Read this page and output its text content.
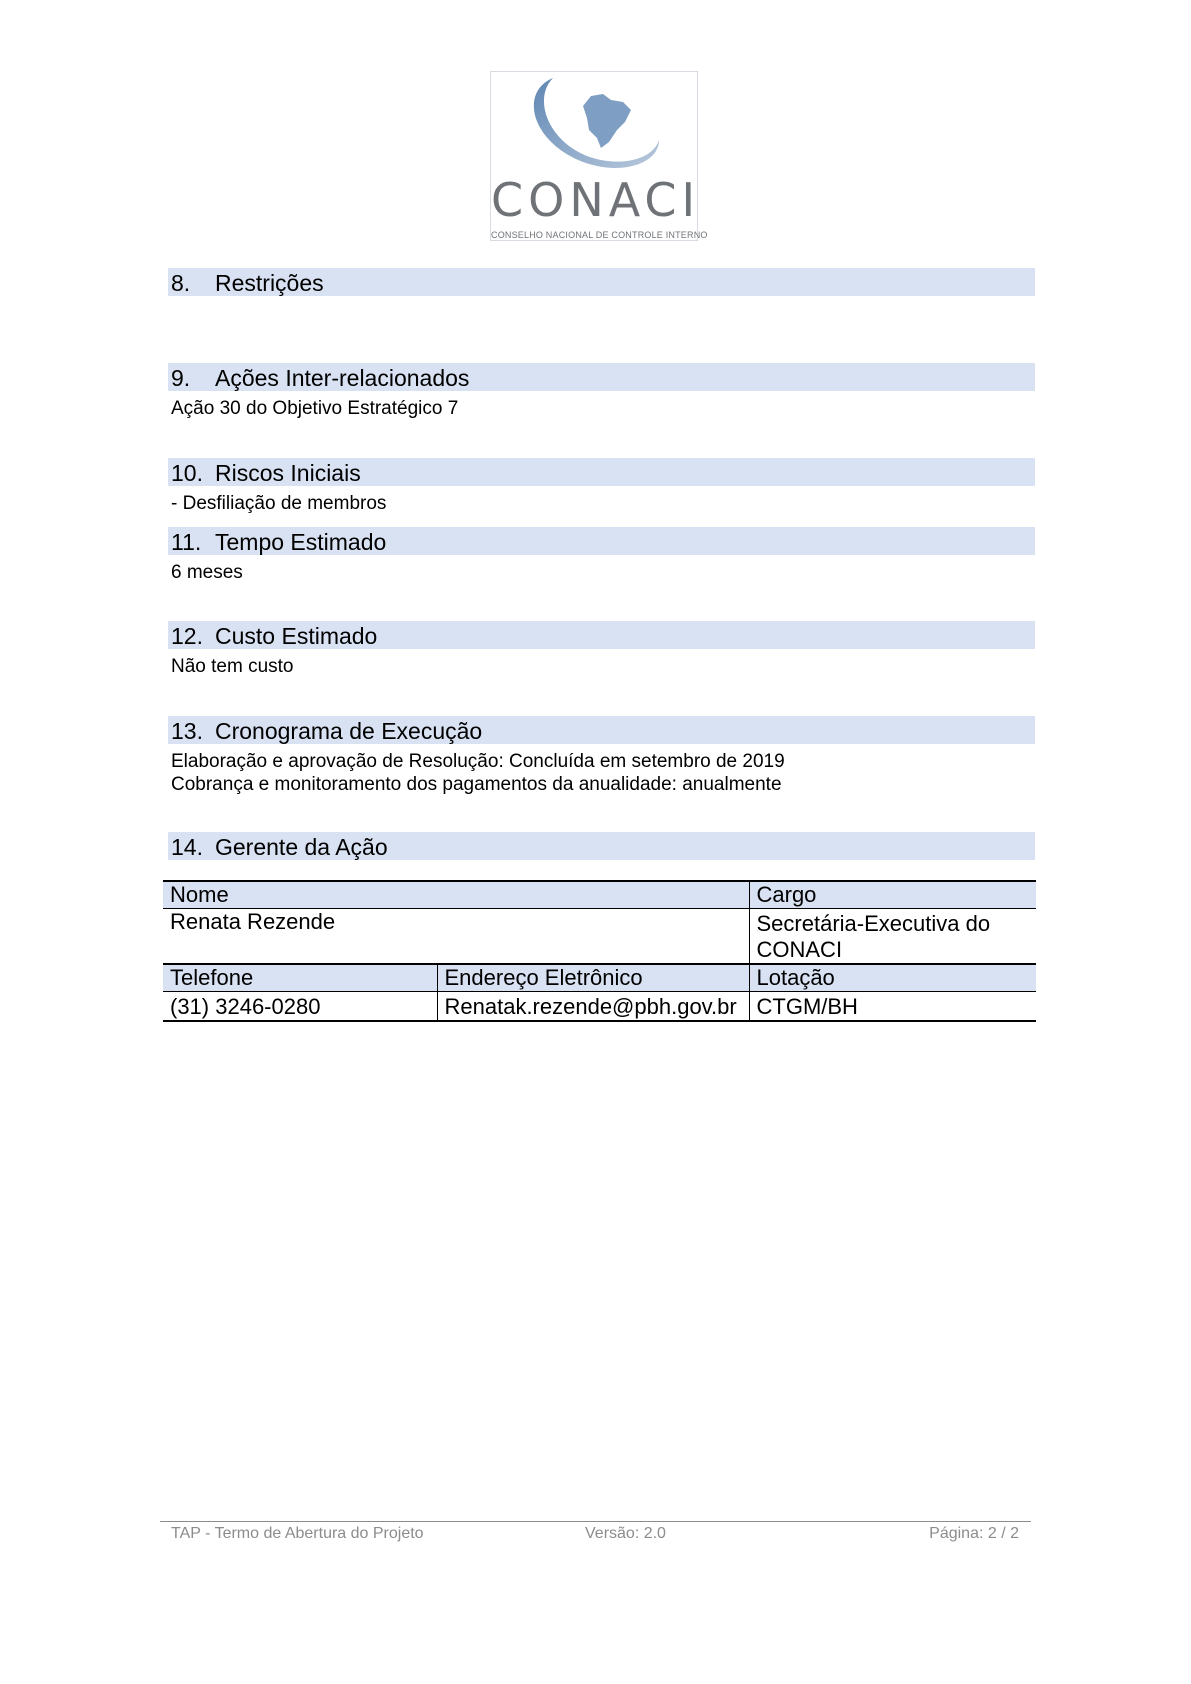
CONACI
CONSELHO NACIONAL DE CONTROLE INTERNO
8. Restrições
9. Ações Inter-relacionados
Ação 30 do Objetivo Estratégico 7
10. Riscos Iniciais
- Desfiliação de membros
11. Tempo Estimado
6 meses
12. Custo Estimado
Não tem custo
13. Cronograma de Execução
Elaboração e aprovação de Resolução: Concluída em setembro de 2019
Cobrança e monitoramento dos pagamentos da anualidade: anualmente
14. Gerente da Ação
Nome		Cargo
Renata Rezende		Secretária-Executiva do
CONACI

Telefone	Endereço Eletrônico	Lotação
(31) 3246-0280	Renatak.rezende@pbh.gov.br	CTGM/BH
TAP - Termo de Abertura do Projeto	Versão: 2.0	Página: 2 / 2
